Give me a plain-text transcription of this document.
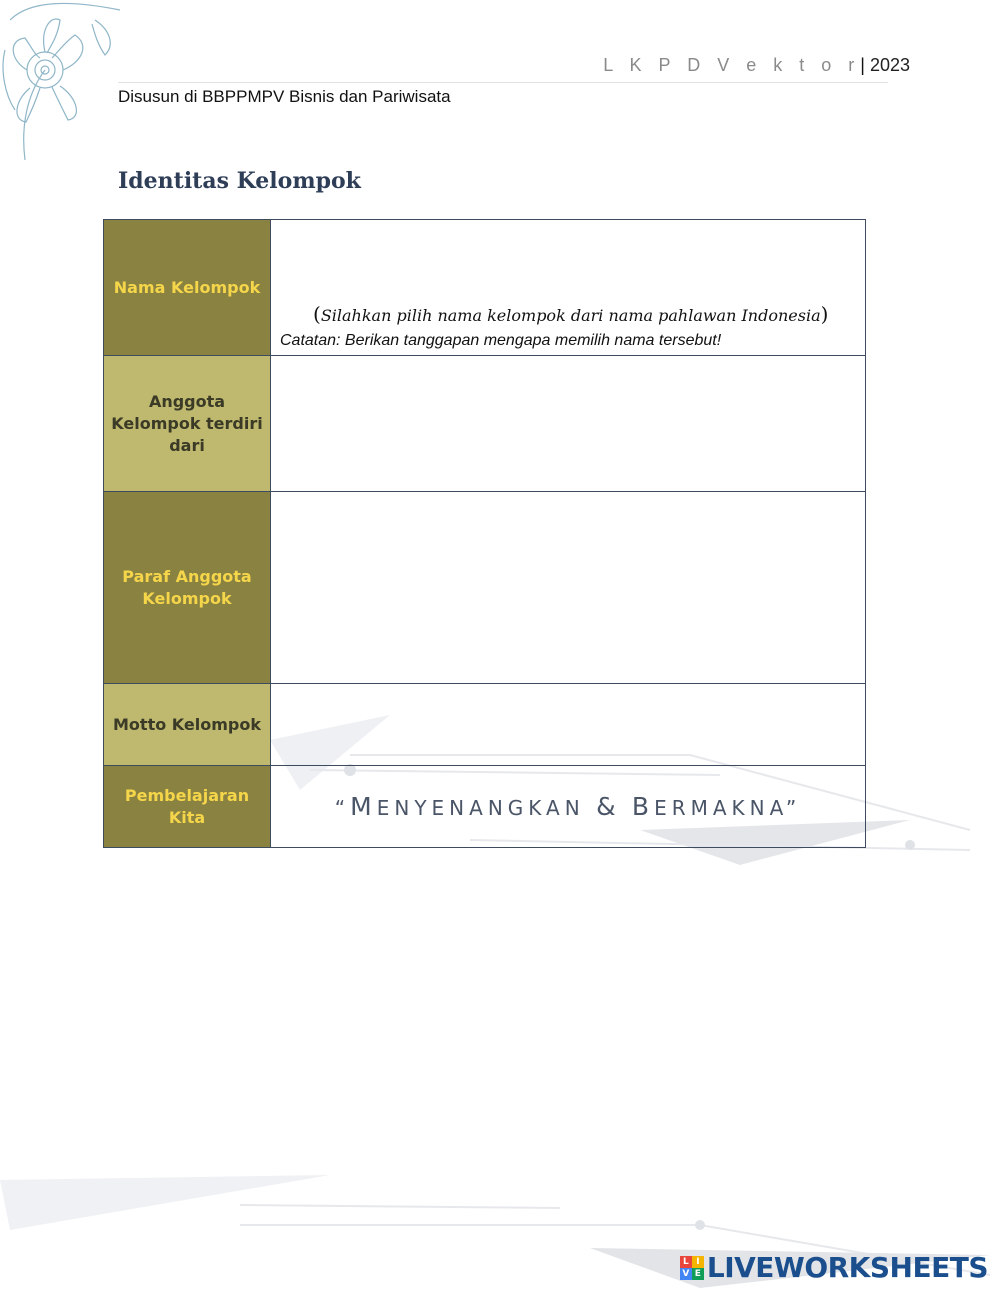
L K P D V e k t o r| 2023
Disusun di BBPPMPV Bisnis dan Pariwisata
Identitas Kelompok
Nama Kelompok	(Silahkan pilih nama kelompok dari nama pahlawan Indonesia)
Catatan: Berikan tanggapan mengapa memilih nama tersebut!

Anggota Kelompok terdiri dari	
Paraf Anggota Kelompok	
Motto Kelompok	
Pembelajaran Kita	“MENYENANGKAN & BERMAKNA”
L I
V E LIVEWORKSHEETS
